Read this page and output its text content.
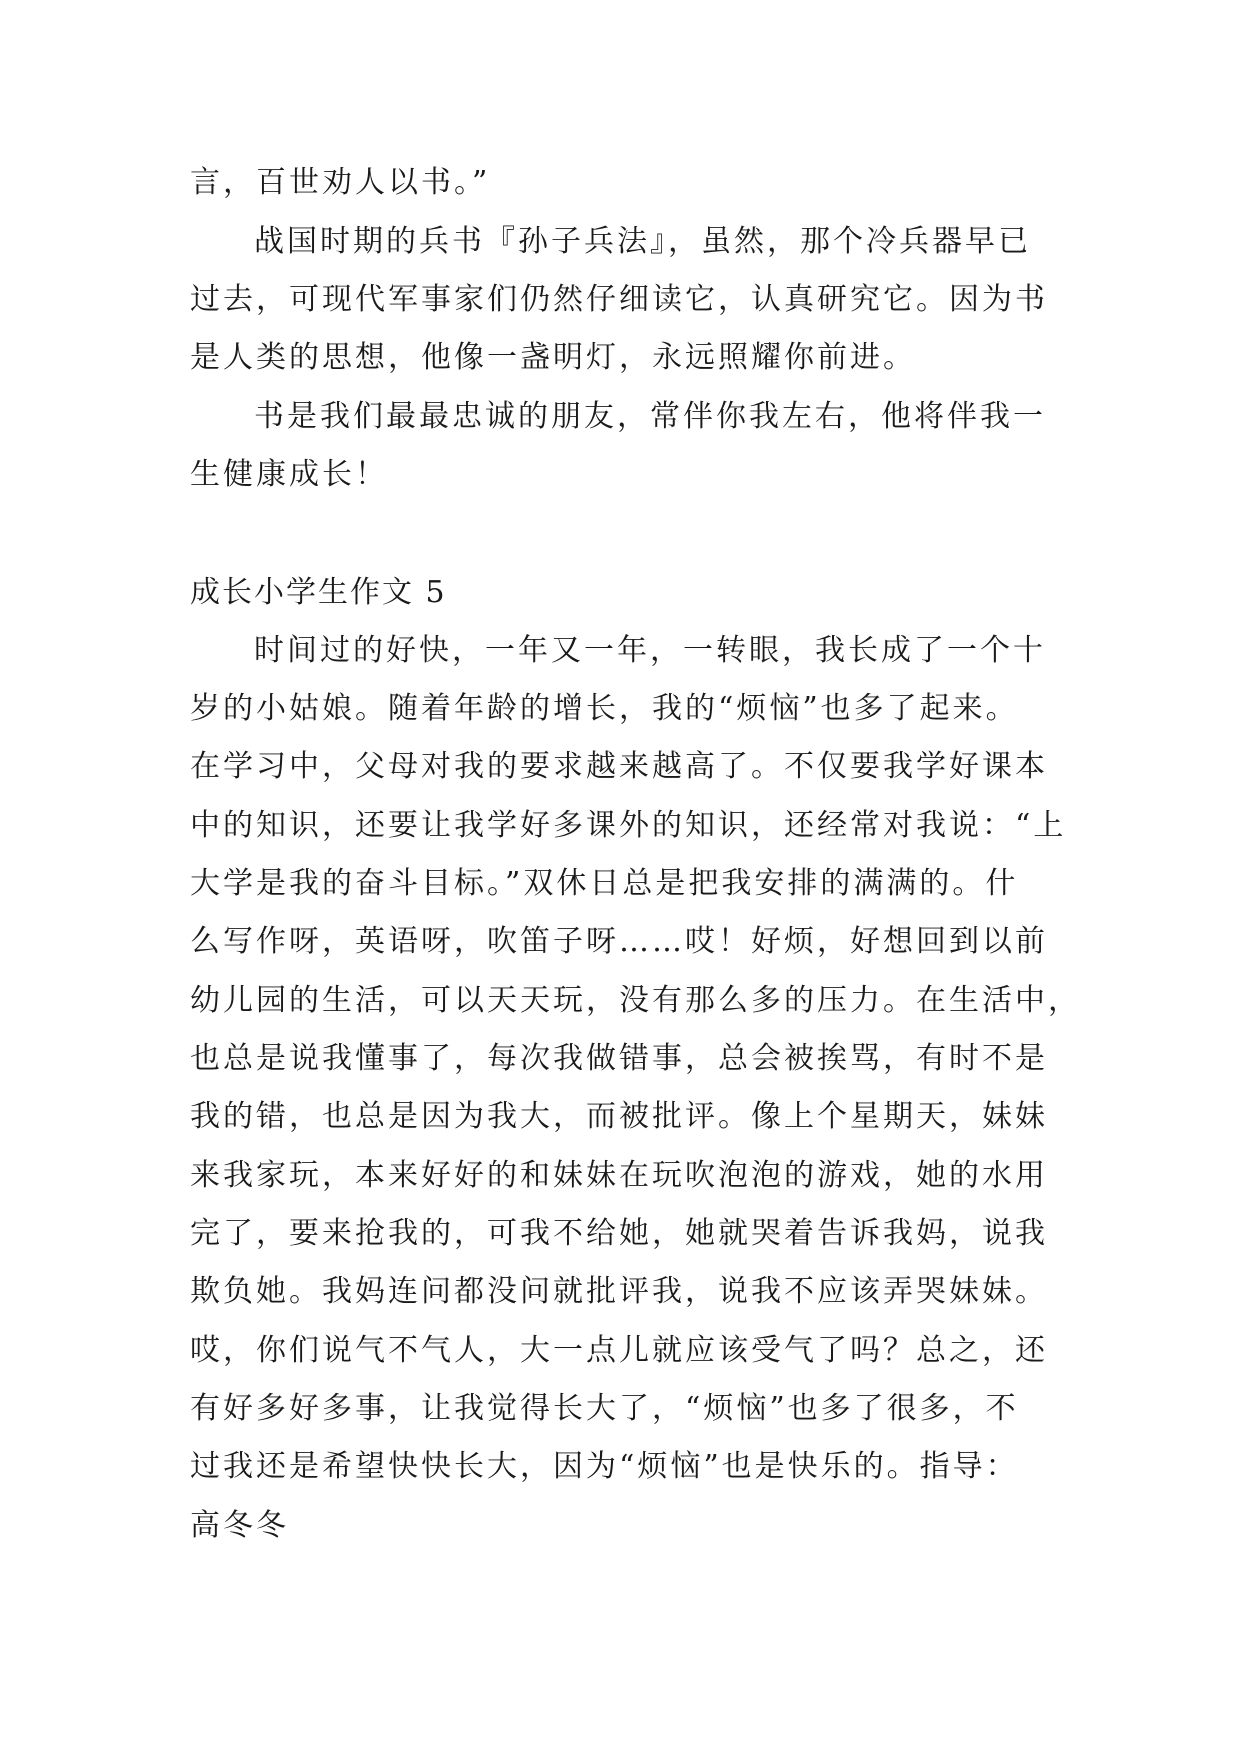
言，百世劝人以书。”
战国时期的兵书『孙子兵法』，虽然，那个冷兵器早已
过去，可现代军事家们仍然仔细读它，认真研究它。因为书
是人类的思想，他像一盏明灯，永远照耀你前进。
书是我们最最忠诚的朋友，常伴你我左右，他将伴我一
生健康成长！
成长小学生作文 5
时间过的好快，一年又一年，一转眼，我长成了一个十
岁的小姑娘。随着年龄的增长，我的“烦恼”也多了起来。
在学习中，父母对我的要求越来越高了。不仅要我学好课本
中的知识，还要让我学好多课外的知识，还经常对我说：“上
大学是我的奋斗目标。”双休日总是把我安排的满满的。什
么写作呀，英语呀，吹笛子呀……哎！好烦，好想回到以前
幼儿园的生活，可以天天玩，没有那么多的压力。在生活中，
也总是说我懂事了，每次我做错事，总会被挨骂，有时不是
我的错，也总是因为我大，而被批评。像上个星期天，妹妹
来我家玩，本来好好的和妹妹在玩吹泡泡的游戏，她的水用
完了，要来抢我的，可我不给她，她就哭着告诉我妈，说我
欺负她。我妈连问都没问就批评我，说我不应该弄哭妹妹。
哎，你们说气不气人，大一点儿就应该受气了吗？总之，还
有好多好多事，让我觉得长大了，“烦恼”也多了很多，不
过我还是希望快快长大，因为“烦恼”也是快乐的。指导：
高冬冬
